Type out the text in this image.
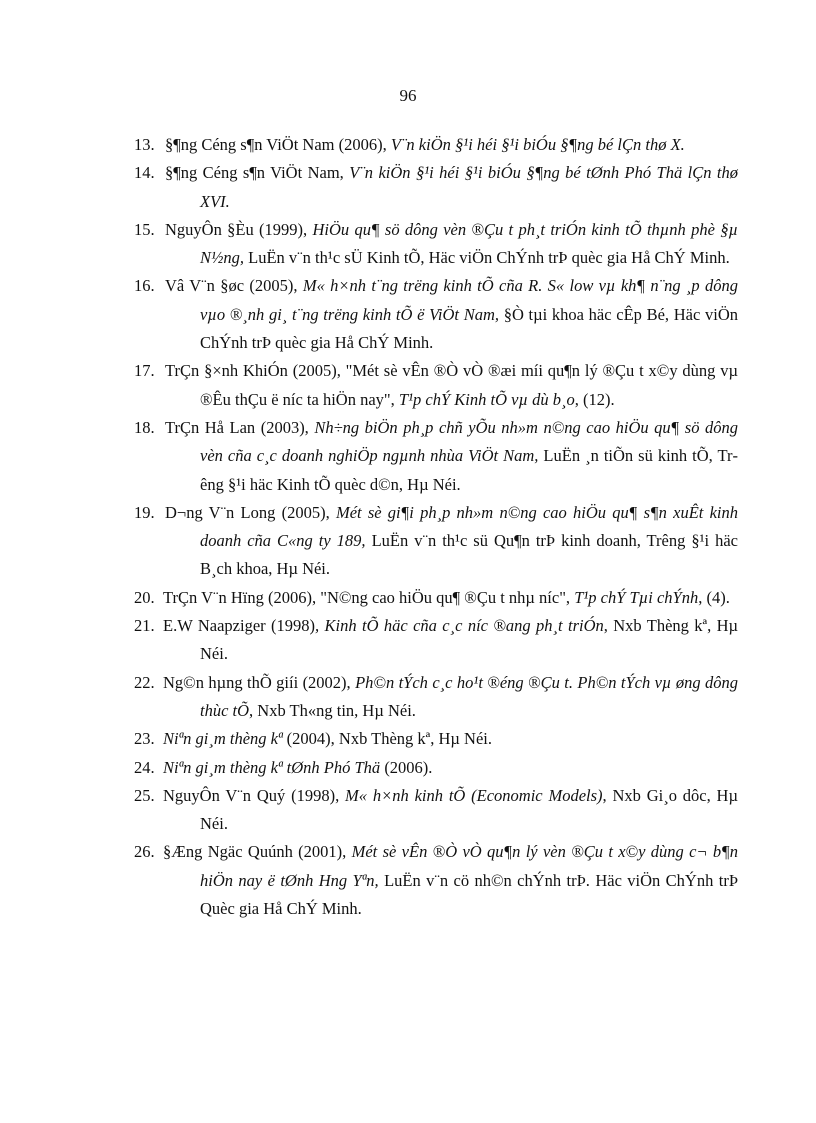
96
13. §¶ng Céng s¶n ViÖt Nam (2006), V¨n kiÖn §¹i héi §¹i biÓu §¶ng bé lÇn thø X.
14. §¶ng Céng s¶n ViÖt Nam, V¨n kiÖn §¹i héi §¹i biÓu §¶ng bé tØnh Phó Thä lÇn thø XVI.
15. NguyÔn §Èu (1999), HiÖu qu¶ sö dông vèn ®Çu t ph¸t triÓn kinh tÕ thµnh phè §µ N½ng, LuËn v¨n th¹c sÜ Kinh tÕ, Häc viÖn ChÝnh trÞ quèc gia Hå ChÝ Minh.
16. Vâ V¨n §øc (2005), M« h×nh t¨ng trëng kinh tÕ cña R. S« low vµ kh¶ n¨ng ¸p dông vµo ®¸nh gi¸ t¨ng trëng kinh tÕ ë ViÖt Nam, §Ò tµi khoa häc cÊp Bé, Häc viÖn ChÝnh trÞ quèc gia Hå ChÝ Minh.
17. TrÇn §×nh KhiÓn (2005), "Mét sè vÊn ®Ò vÒ ®æi míi qu¶n lý ®Çu t x©y dùng vµ ®Êu thÇu ë níc ta hiÖn nay", T¹p chÝ Kinh tÕ vµ dù b¸o, (12).
18. TrÇn Hå Lan (2003), Nh÷ng biÖn ph¸p chñ yÕu nh»m n©ng cao hiÖu qu¶ sö dông vèn cña c¸c doanh nghiÖp ngµnh nhùa ViÖt Nam, LuËn ¸n tiÕn sü kinh tÕ, Trêng §¹i häc Kinh tÕ quèc d©n, Hµ Néi.
19. D¬ng V¨n Long (2005), Mét sè gi¶i ph¸p nh»m n©ng cao hiÖu qu¶ s¶n xuÊt kinh doanh cña C«ng ty 189, LuËn v¨n th¹c sü Qu¶n trÞ kinh doanh, Trêng §¹i häc B¸ch khoa, Hµ Néi.
20. TrÇn V¨n Hïng (2006), "N©ng cao hiÖu qu¶ ®Çu t nhµ níc", T¹p chÝ Tµi chÝnh, (4).
21. E.W Naapziger (1998), Kinh tÕ häc cña c¸c níc ®ang ph¸t triÓn, Nxb Thèng kª, Hµ Néi.
22. Ng©n hµng thÕ giíi (2002), Ph©n tÝch c¸c ho¹t ®éng ®Çu t. Ph©n tÝch vµ øng dông thùc tÕ, Nxb Th«ng tin, Hµ Néi.
23. Niªn gi¸m thèng kª (2004), Nxb Thèng kª, Hµ Néi.
24. Niªn gi¸m thèng kª tØnh Phó Thä (2006).
25. NguyÔn V¨n Quý (1998), M« h×nh kinh tÕ (Economic Models), Nxb Gi¸o dôc, Hµ Néi.
26. §Æng Ngäc Quúnh (2001), Mét sè vÊn ®Ò vÒ qu¶n lý vèn ®Çu t x©y dùng c¬ b¶n hiÖn nay ë tØnh Hng Yªn, LuËn v¨n cö nh©n chÝnh trÞ. Häc viÖn ChÝnh trÞ Quèc gia Hå ChÝ Minh.
